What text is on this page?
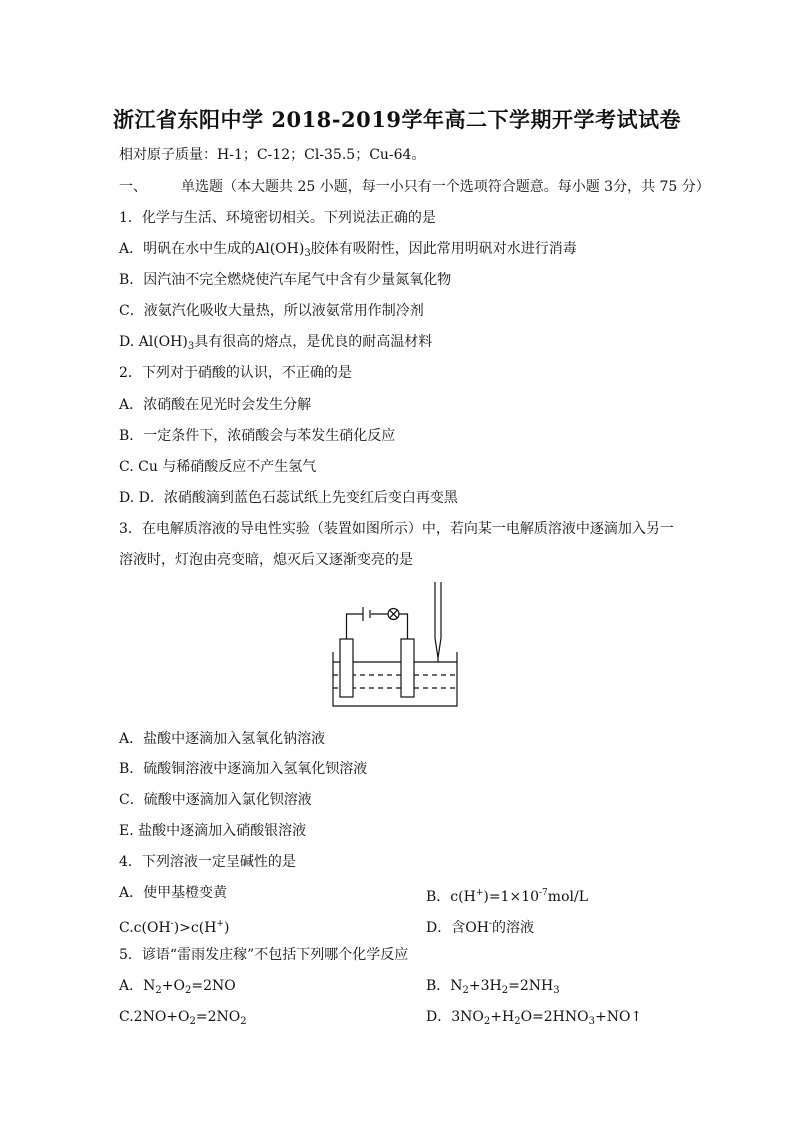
浙江省东阳中学 2018-2019学年高二下学期开学考试试卷
相对原子质量：H-1；C-12；Cl-35.5；Cu-64。
一、 单选题（本大题共 25 小题，每一小只有一个选项符合题意。每小题 3分，共 75 分）
1．化学与生活、环境密切相关。下列说法正确的是
A．明矾在水中生成的$Al(OH)_3$胶体有吸附性，因此常用明矾对水进行消毒
B．因汽油不完全燃烧使汽车尾气中含有少量氮氧化物
C．液氨汽化吸收大量热，所以液氨常用作制冷剂
D. $Al(OH)_3$具有很高的熔点，是优良的耐高温材料
2．下列对于硝酸的认识，不正确的是
A．浓硝酸在见光时会发生分解
B．一定条件下，浓硝酸会与苯发生硝化反应
C. Cu 与稀硝酸反应不产生氢气
D. D．浓硝酸滴到蓝色石蕊试纸上先变红后变白再变黑
3．在电解质溶液的导电性实验（装置如图所示）中，若向某一电解质溶液中逐滴加入另一
溶液时，灯泡由亮变暗，熄灭后又逐渐变亮的是
A．盐酸中逐滴加入氢氧化钠溶液
B．硫酸铜溶液中逐滴加入氢氧化钡溶液
C．硫酸中逐滴加入氯化钡溶液
E. 盐酸中逐滴加入硝酸银溶液
4．下列溶液一定呈碱性的是
A．使甲基橙变黄	B．$c(H^+)=1\times 10^{-7}mol/L$
C.c(OH-)>c(H+)	D．含OH-的溶液
5．谚语“雷雨发庄稼”不包括下列哪个化学反应
A．$N_2+O_2=2NO$	B．$N_2+3H_2=2NH_3$
$C.2NO+O_2=2NO_2$	D．$3NO_2+H_2O=2HNO_3+NO↑$
